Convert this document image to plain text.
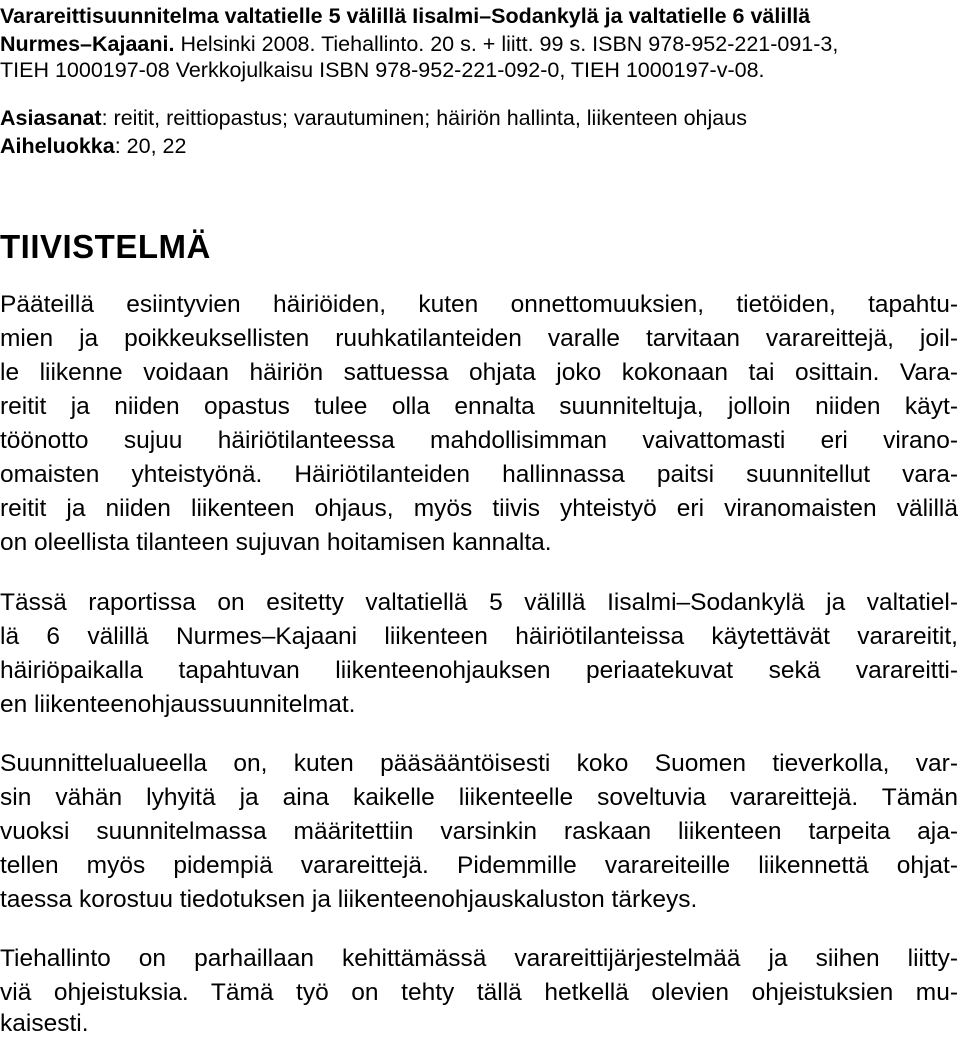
Varareittisuunnitelma valtatielle 5 välillä Iisalmi–Sodankylä ja valtatielle 6 välillä
Nurmes–Kajaani. Helsinki 2008. Tiehallinto. 20 s. + liitt. 99 s. ISBN 978-952-221-091-3,
TIEH 1000197-08 Verkkojulkaisu ISBN 978-952-221-092-0, TIEH 1000197-v-08.
Asiasanat: reitit, reittiopastus; varautuminen; häiriön hallinta, liikenteen ohjaus
Aiheluokka: 20, 22
TIIVISTELMÄ
Pääteillä esiintyvien häiriöiden, kuten onnettomuuksien, tietöiden, tapahtu-
mien ja poikkeuksellisten ruuhkatilanteiden varalle tarvitaan varareittejä, joil-
le liikenne voidaan häiriön sattuessa ohjata joko kokonaan tai osittain. Vara-
reitit ja niiden opastus tulee olla ennalta suunniteltuja, jolloin niiden käyt-
töönotto sujuu häiriötilanteessa mahdollisimman vaivattomasti eri virano-
omaisten yhteistyönä. Häiriötilanteiden hallinnassa paitsi suunnitellut vara-
reitit ja niiden liikenteen ohjaus, myös tiivis yhteistyö eri viranomaisten välillä
on oleellista tilanteen sujuvan hoitamisen kannalta.
Tässä raportissa on esitetty valtatiellä 5 välillä Iisalmi–Sodankylä ja valtatiel-
lä 6 välillä Nurmes–Kajaani liikenteen häiriötilanteissa käytettävät varareitit,
häiriöpaikalla tapahtuvan liikenteenohjauksen periaatekuvat sekä varareitti-
en liikenteenohjaussuunnitelmat.
Suunnittelualueella on, kuten pääsääntöisesti koko Suomen tieverkolla, var-
sin vähän lyhyitä ja aina kaikelle liikenteelle soveltuvia varareittejä. Tämän
vuoksi suunnitelmassa määritettiin varsinkin raskaan liikenteen tarpeita aja-
tellen myös pidempiä varareittejä. Pidemmille varareiteille liikennettä ohjat-
taessa korostuu tiedotuksen ja liikenteenohjauskaluston tärkeys.
Tiehallinto on parhaillaan kehittämässä varareittijärjestelmää ja siihen liitty-
viä ohjeistuksia. Tämä työ on tehty tällä hetkellä olevien ohjeistuksien mu-
kaisesti.
